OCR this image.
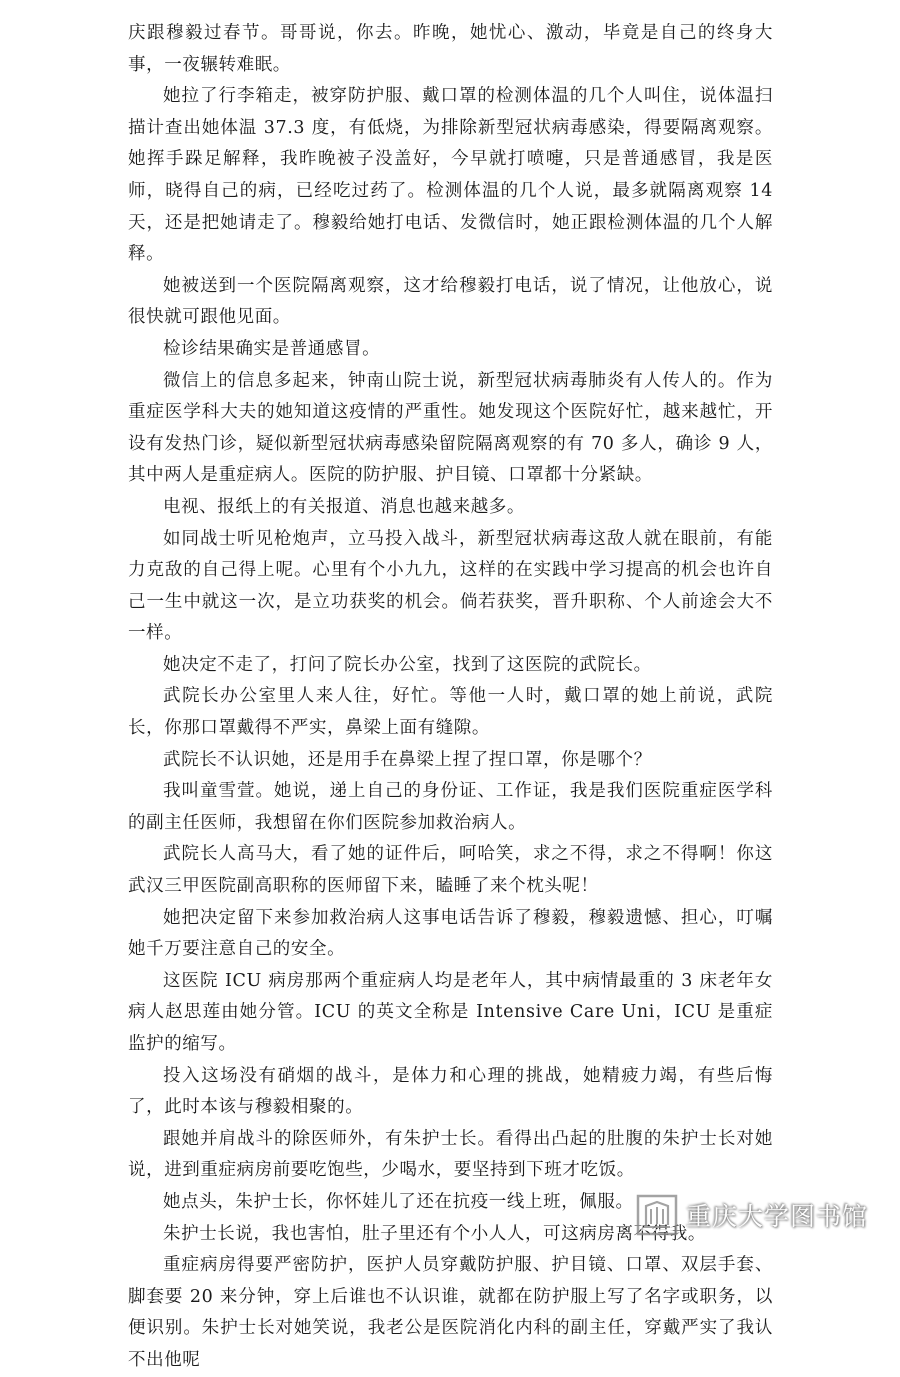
庆跟穆毅过春节。哥哥说，你去。昨晚，她忧心、激动，毕竟是自己的终身大事，一夜辗转难眠。

她拉了行李箱走，被穿防护服、戴口罩的检测体温的几个人叫住，说体温扫描计查出她体温 37.3 度，有低烧，为排除新型冠状病毒感染，得要隔离观察。她挥手跺足解释，我昨晚被子没盖好，今早就打喷嚏，只是普通感冒，我是医师，晓得自己的病，已经吃过药了。检测体温的几个人说，最多就隔离观察 14 天，还是把她请走了。穆毅给她打电话、发微信时，她正跟检测体温的几个人解释。

她被送到一个医院隔离观察，这才给穆毅打电话，说了情况，让他放心，说很快就可跟他见面。

检诊结果确实是普通感冒。

微信上的信息多起来，钟南山院士说，新型冠状病毒肺炎有人传人的。作为重症医学科大夫的她知道这疫情的严重性。她发现这个医院好忙，越来越忙，开设有发热门诊，疑似新型冠状病毒感染留院隔离观察的有 70 多人，确诊 9 人，其中两人是重症病人。医院的防护服、护目镜、口罩都十分紧缺。

电视、报纸上的有关报道、消息也越来越多。

如同战士听见枪炮声，立马投入战斗，新型冠状病毒这敌人就在眼前，有能力克敌的自己得上呢。心里有个小九九，这样的在实践中学习提高的机会也许自己一生中就这一次，是立功获奖的机会。倘若获奖，晋升职称、个人前途会大不一样。

她决定不走了，打问了院长办公室，找到了这医院的武院长。

武院长办公室里人来人往，好忙。等他一人时，戴口罩的她上前说，武院长，你那口罩戴得不严实，鼻梁上面有缝隙。

武院长不认识她，还是用手在鼻梁上捏了捏口罩，你是哪个？

我叫童雪萱。她说，递上自己的身份证、工作证，我是我们医院重症医学科的副主任医师，我想留在你们医院参加救治病人。

武院长人高马大，看了她的证件后，呵哈笑，求之不得，求之不得啊！你这武汉三甲医院副高职称的医师留下来，瞌睡了来个枕头呢！

她把决定留下来参加救治病人这事电话告诉了穆毅，穆毅遗憾、担心，叮嘱她千万要注意自己的安全。

这医院 ICU 病房那两个重症病人均是老年人，其中病情最重的 3 床老年女病人赵思莲由她分管。ICU 的英文全称是 Intensive Care Uni，ICU 是重症监护的缩写。

投入这场没有硝烟的战斗，是体力和心理的挑战，她精疲力竭，有些后悔了，此时本该与穆毅相聚的。

跟她并肩战斗的除医师外，有朱护士长。看得出凸起的肚腹的朱护士长对她说，进到重症病房前要吃饱些，少喝水，要坚持到下班才吃饭。

她点头，朱护士长，你怀娃儿了还在抗疫一线上班，佩服。

朱护士长说，我也害怕，肚子里还有个小人人，可这病房离不得我。

重症病房得要严密防护，医护人员穿戴防护服、护目镜、口罩、双层手套、脚套要 20 来分钟，穿上后谁也不认识谁，就都在防护服上写了名字或职务，以便识别。朱护士长对她笑说，我老公是医院消化内科的副主任，穿戴严实了我认不出他呢

重庆大学图书馆
